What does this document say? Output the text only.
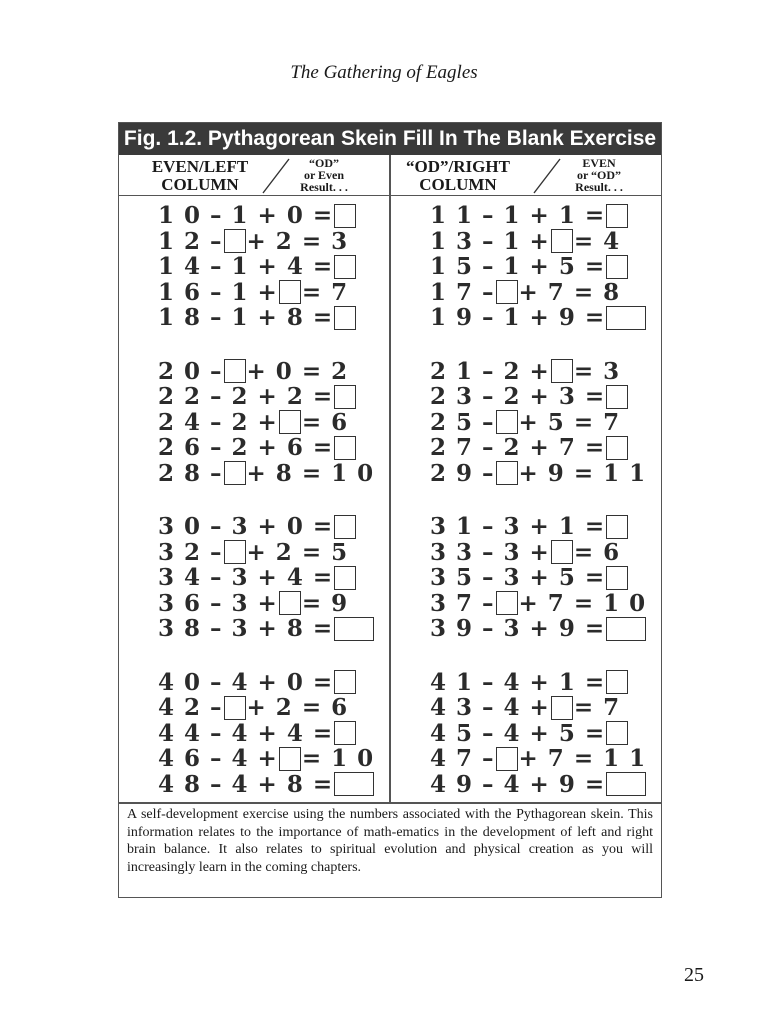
The Gathering of Eagles
Fig. 1.2. Pythagorean Skein Fill In The Blank Exercise
EVEN/LEFT
COLUMN
“OD”
or Even
Result. . .
“OD”/RIGHT
COLUMN
EVEN
or “OD”
Result. . .
1 0 – 1 + 0 =
1 2 – + 2 = 3
1 4 – 1 + 4 =
1 6 – 1 + = 7
1 8 – 1 + 8 =
2 0 – + 0 = 2
2 2 – 2 + 2 =
2 4 – 2 + = 6
2 6 – 2 + 6 =
2 8 – + 8 = 1 0
3 0 – 3 + 0 =
3 2 – + 2 = 5
3 4 – 3 + 4 =
3 6 – 3 + = 9
3 8 – 3 + 8 =
4 0 – 4 + 0 =
4 2 – + 2 = 6
4 4 – 4 + 4 =
4 6 – 4 + = 1 0
4 8 – 4 + 8 =
1 1 – 1 + 1 =
1 3 – 1 + = 4
1 5 – 1 + 5 =
1 7 – + 7 = 8
1 9 – 1 + 9 =
2 1 – 2 + = 3
2 3 – 2 + 3 =
2 5 – + 5 = 7
2 7 – 2 + 7 =
2 9 – + 9 = 1 1
3 1 – 3 + 1 =
3 3 – 3 + = 6
3 5 – 3 + 5 =
3 7 – + 7 = 1 0
3 9 – 3 + 9 =
4 1 – 4 + 1 =
4 3 – 4 + = 7
4 5 – 4 + 5 =
4 7 – + 7 = 1 1
4 9 – 4 + 9 =
A self-development exercise using the numbers associated with the Pythagorean skein. This information relates to the importance of math-ematics in the development of left and right brain balance. It also relates to spiritual evolution and physical creation as you will increasingly learn in the coming chapters.
25
